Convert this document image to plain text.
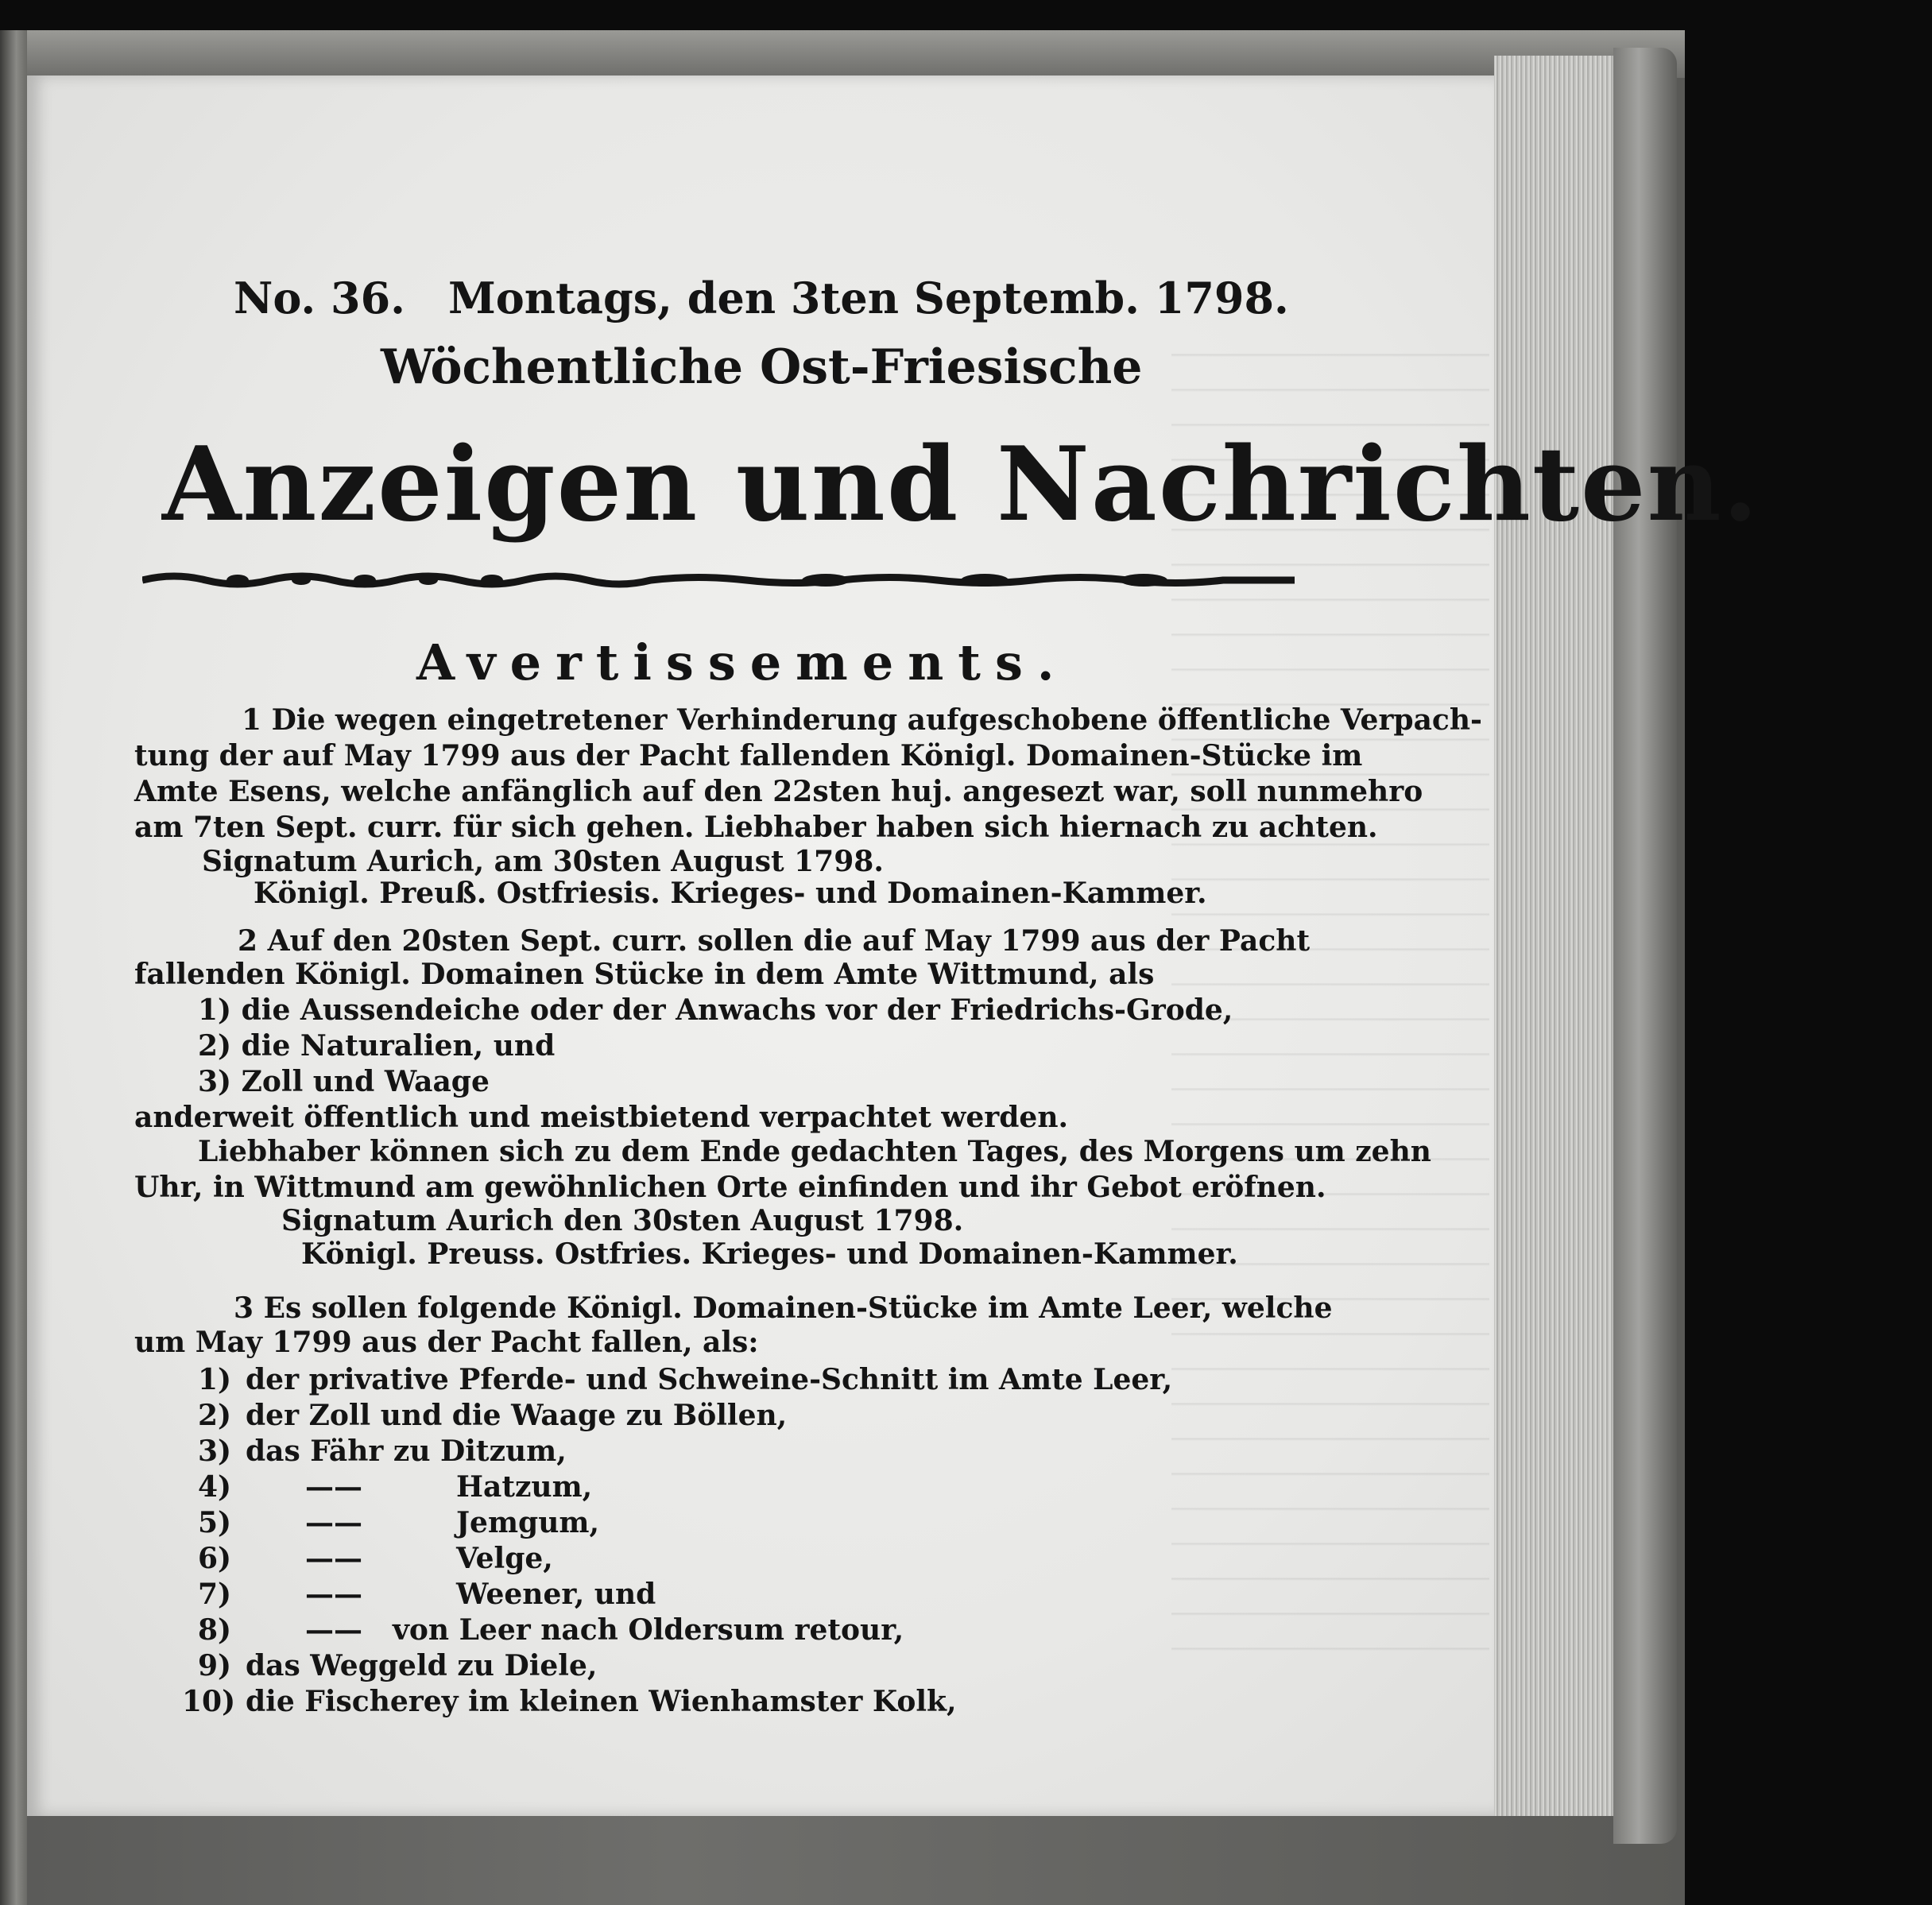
No. 36. Montags, den 3ten Septemb. 1798.
Wöchentliche Ost-Friesische
Anzeigen und Nachrichten.
Avertissements.
1 Die wegen eingetretener Verhinderung aufgeschobene öffentliche Verpach-
tung der auf May 1799 aus der Pacht fallenden Königl. Domainen-Stücke im
Amte Esens, welche anfänglich auf den 22sten huj. angesezt war, soll nunmehro
am 7ten Sept. curr. für sich gehen. Liebhaber haben sich hiernach zu achten.
Signatum Aurich, am 30sten August 1798.
Königl. Preuß. Ostfriesis. Krieges- und Domainen-Kammer.
2 Auf den 20sten Sept. curr. sollen die auf May 1799 aus der Pacht
fallenden Königl. Domainen Stücke in dem Amte Wittmund, als
1) die Aussendeiche oder der Anwachs vor der Friedrichs-Grode,
2) die Naturalien, und
3) Zoll und Waage
anderweit öffentlich und meistbietend verpachtet werden.
Liebhaber können sich zu dem Ende gedachten Tages, des Morgens um zehn
Uhr, in Wittmund am gewöhnlichen Orte einfinden und ihr Gebot eröfnen.
Signatum Aurich den 30sten August 1798.
Königl. Preuss. Ostfries. Krieges- und Domainen-Kammer.
3 Es sollen folgende Königl. Domainen-Stücke im Amte Leer, welche
um May 1799 aus der Pacht fallen, als:
1) der privative Pferde- und Schweine-Schnitt im Amte Leer,
2) der Zoll und die Waage zu Böllen,
3) das Fähr zu Ditzum,
4)	——	Hatzum,
5)	——	Jemgum,
6)	——	Velge,
7)	——	Weener, und
8)	—— von Leer nach Oldersum retour,
9) das Weggeld zu Diele,
10) die Fischerey im kleinen Wienhamster Kolk,
